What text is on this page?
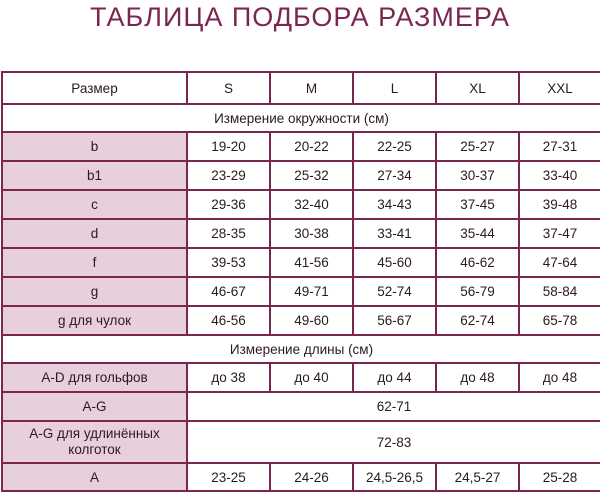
ТАБЛИЦА ПОДБОРА РАЗМЕРА
Размер	S	M	L	XL	XXL
Измерение окружности (см)					
b	19-20	20-22	22-25	25-27	27-31
b1	23-29	25-32	27-34	30-37	33-40
c	29-36	32-40	34-43	37-45	39-48
d	28-35	30-38	33-41	35-44	37-47
f	39-53	41-56	45-60	46-62	47-64
g	46-67	49-71	52-74	56-79	58-84
g для чулок	46-56	49-60	56-67	62-74	65-78
Измерение длины (см)					
A-D для гольфов	до 38	до 40	до 44	до 48	до 48
A-G	62-71				
A-G для удлинённых колготок	72-83				
A	23-25	24-26	24,5-26,5	24,5-27	25-28
